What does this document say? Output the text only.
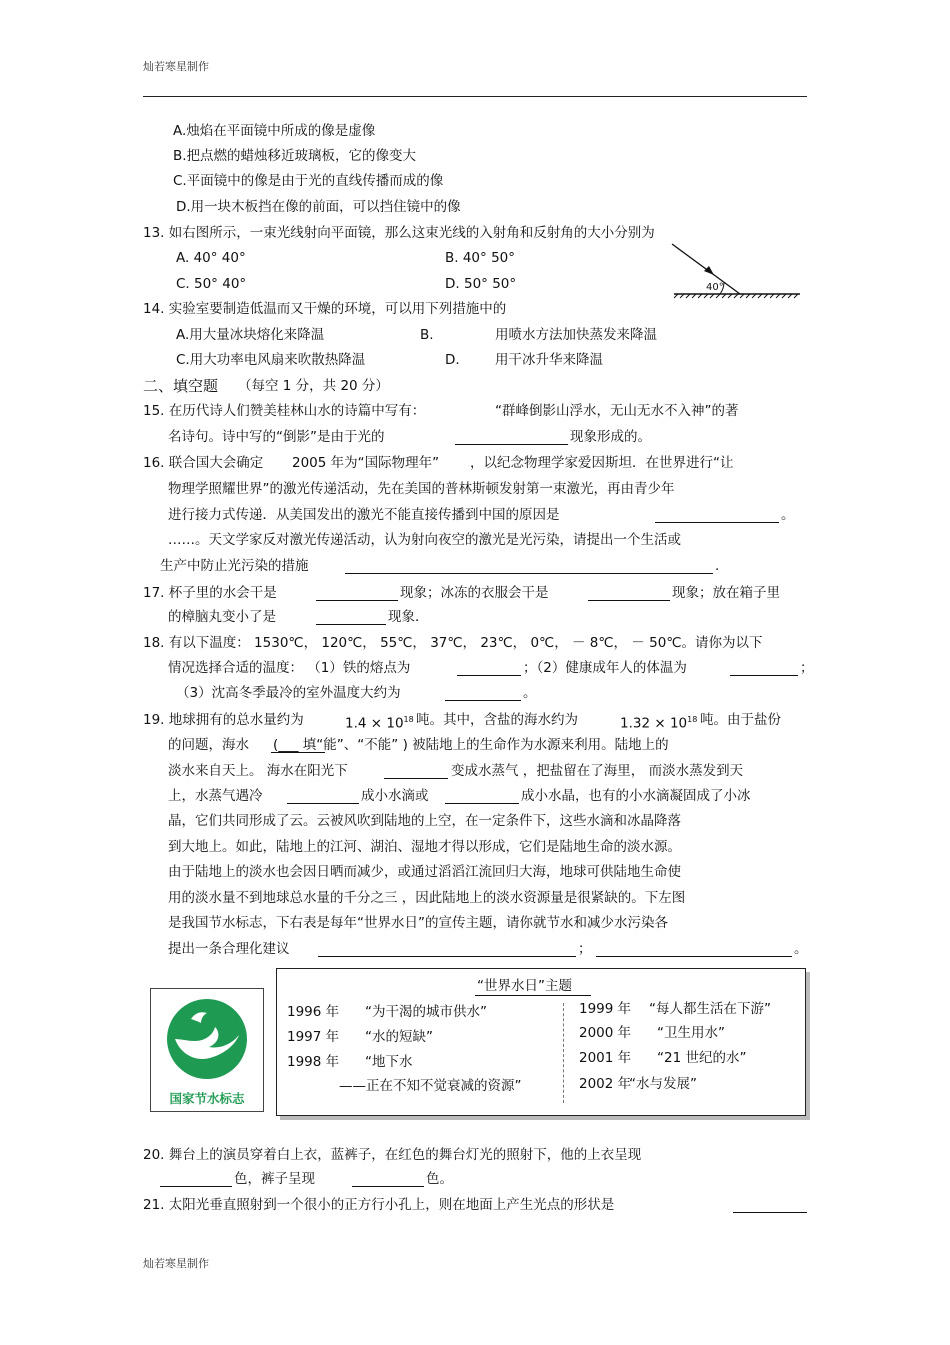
灿若寒星制作
A.烛焰在平面镜中所成的像是虚像
B.把点燃的蜡烛移近玻璃板，它的像变大
C.平面镜中的像是由于光的直线传播而成的像
D.用一块木板挡在像的前面，可以挡住镜中的像
13. 如右图所示，一束光线射向平面镜，那么这束光线的入射角和反射角的大小分别为
A. 40° 40°	B. 40° 50°
C. 50° 40°	D. 50° 50°	40°
14. 实验室要制造低温而又干燥的环境，可以用下列措施中的
A.用大量冰块熔化来降温	B.	用喷水方法加快蒸发来降温
C.用大功率电风扇来吹散热降温	D.	用干冰升华来降温
二、填空题 （每空 1 分，共 20 分）
15. 在历代诗人们赞美桂林山水的诗篇中写有：	“群峰倒影山浮水，无山无水不入神”的著
名诗句。诗中写的“倒影”是由于光的	现象形成的。
16. 联合国大会确定 2005 年为“国际物理年” ，以纪念物理学家爱因斯坦．在世界进行“让
物理学照耀世界”的激光传递活动，先在美国的普林斯顿发射第一束激光，再由青少年
进行接力式传递．从美国发出的激光不能直接传播到中国的原因是	。
……。天文学家反对激光传递活动，认为射向夜空的激光是光污染，请提出一个生活或
生产中防止光污染的措施	.
17. 杯子里的水会干是	现象；冰冻的衣服会干是	现象；放在箱子里
的樟脑丸变小了是	现象．
18. 有以下温度： 1530℃， 120℃， 55℃， 37℃， 23℃， 0℃， － 8℃， － 50℃。请你为以下
情况选择合适的温度： （1）铁的熔点为	；（2）健康成年人的体温为	；
（3）沈高冬季最冷的室外温度大约为	。
19. 地球拥有的总水量约为	$1.4 \times 10^{18}$ 吨。其中，含盐的海水约为	$1.32 \times 10^{18}$ 吨。由于盐份
的问题，海水 (___ 填“能”、“不能” ) 被陆地上的生命作为水源来利用。陆地上的
淡水来自天上。 海水在阳光下	变成水蒸气 ，把盐留在了海里， 而淡水蒸发到天
上，水蒸气遇冷	成小水滴或	成小水晶，也有的小水滴凝固成了小冰
晶，它们共同形成了云。云被风吹到陆地的上空，在一定条件下，这些水滴和冰晶降落
到大地上。如此，陆地上的江河、湖泊、湿地才得以形成，它们是陆地生命的淡水源。
由于陆地上的淡水也会因日晒而减少，或通过滔滔江流回归大海，地球可供陆地生命使
用的淡水量不到地球总水量的千分之三 ，因此陆地上的淡水资源量是很紧缺的。下左图
是我国节水标志，下右表是每年“世界水日”的宣传主题，请你就节水和减少水污染各
提出一条合理化建议	；	。
国家节水标志
“世界水日”主题
1996 年 “为干渴的城市供水”
1997 年 “水的短缺”
1998 年 “地下水
——正在不知不觉衰减的资源”
1999 年 “每人都生活在下游”
2000 年 “卫生用水”
2001 年 “21 世纪的水”
2002 年
“水与发展”
20. 舞台上的演员穿着白上衣，蓝裤子，在红色的舞台灯光的照射下，他的上衣呈现
色，裤子呈现	色。
21. 太阳光垂直照射到一个很小的正方行小孔上，则在地面上产生光点的形状是
灿若寒星制作
